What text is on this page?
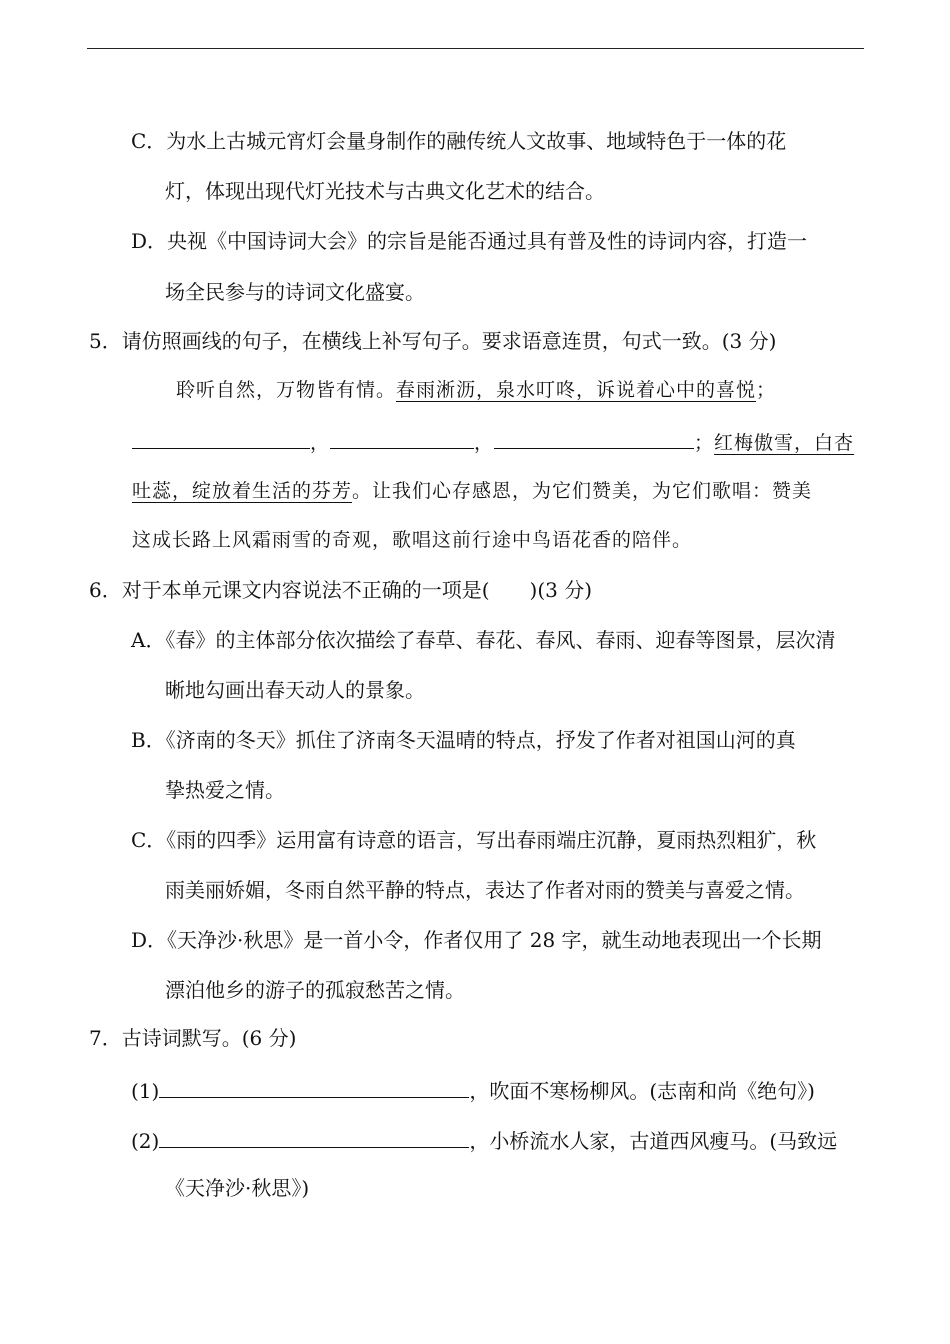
C．为水上古城元宵灯会量身制作的融传统人文故事、地域特色于一体的花
灯，体现出现代灯光技术与古典文化艺术的结合。
D．央视《中国诗词大会》的宗旨是能否通过具有普及性的诗词内容，打造一
场全民参与的诗词文化盛宴。
5．请仿照画线的句子，在横线上补写句子。要求语意连贯，句式一致。(3 分)
聆听自然，万物皆有情。春雨淅沥，泉水叮咚，诉说着心中的喜悦；
，	，	；红梅傲雪，白杏
吐蕊，绽放着生活的芬芳。让我们心存感恩，为它们赞美，为它们歌唱：赞美
这成长路上风霜雨雪的奇观，歌唱这前行途中鸟语花香的陪伴。
6．对于本单元课文内容说法不正确的一项是(　　)(3 分)
A．《春》的主体部分依次描绘了春草、春花、春风、春雨、迎春等图景，层次清
晰地勾画出春天动人的景象。
B．《济南的冬天》抓住了济南冬天温晴的特点，抒发了作者对祖国山河的真
挚热爱之情。
C．《雨的四季》运用富有诗意的语言，写出春雨端庄沉静，夏雨热烈粗犷，秋
雨美丽娇媚，冬雨自然平静的特点，表达了作者对雨的赞美与喜爱之情。
D．《天净沙·秋思》是一首小令，作者仅用了 28 字，就生动地表现出一个长期
漂泊他乡的游子的孤寂愁苦之情。
7．古诗词默写。(6 分)
(1)	，吹面不寒杨柳风。(志南和尚《绝句》)
(2)	，小桥流水人家，古道西风瘦马。(马致远
《天净沙·秋思》)
